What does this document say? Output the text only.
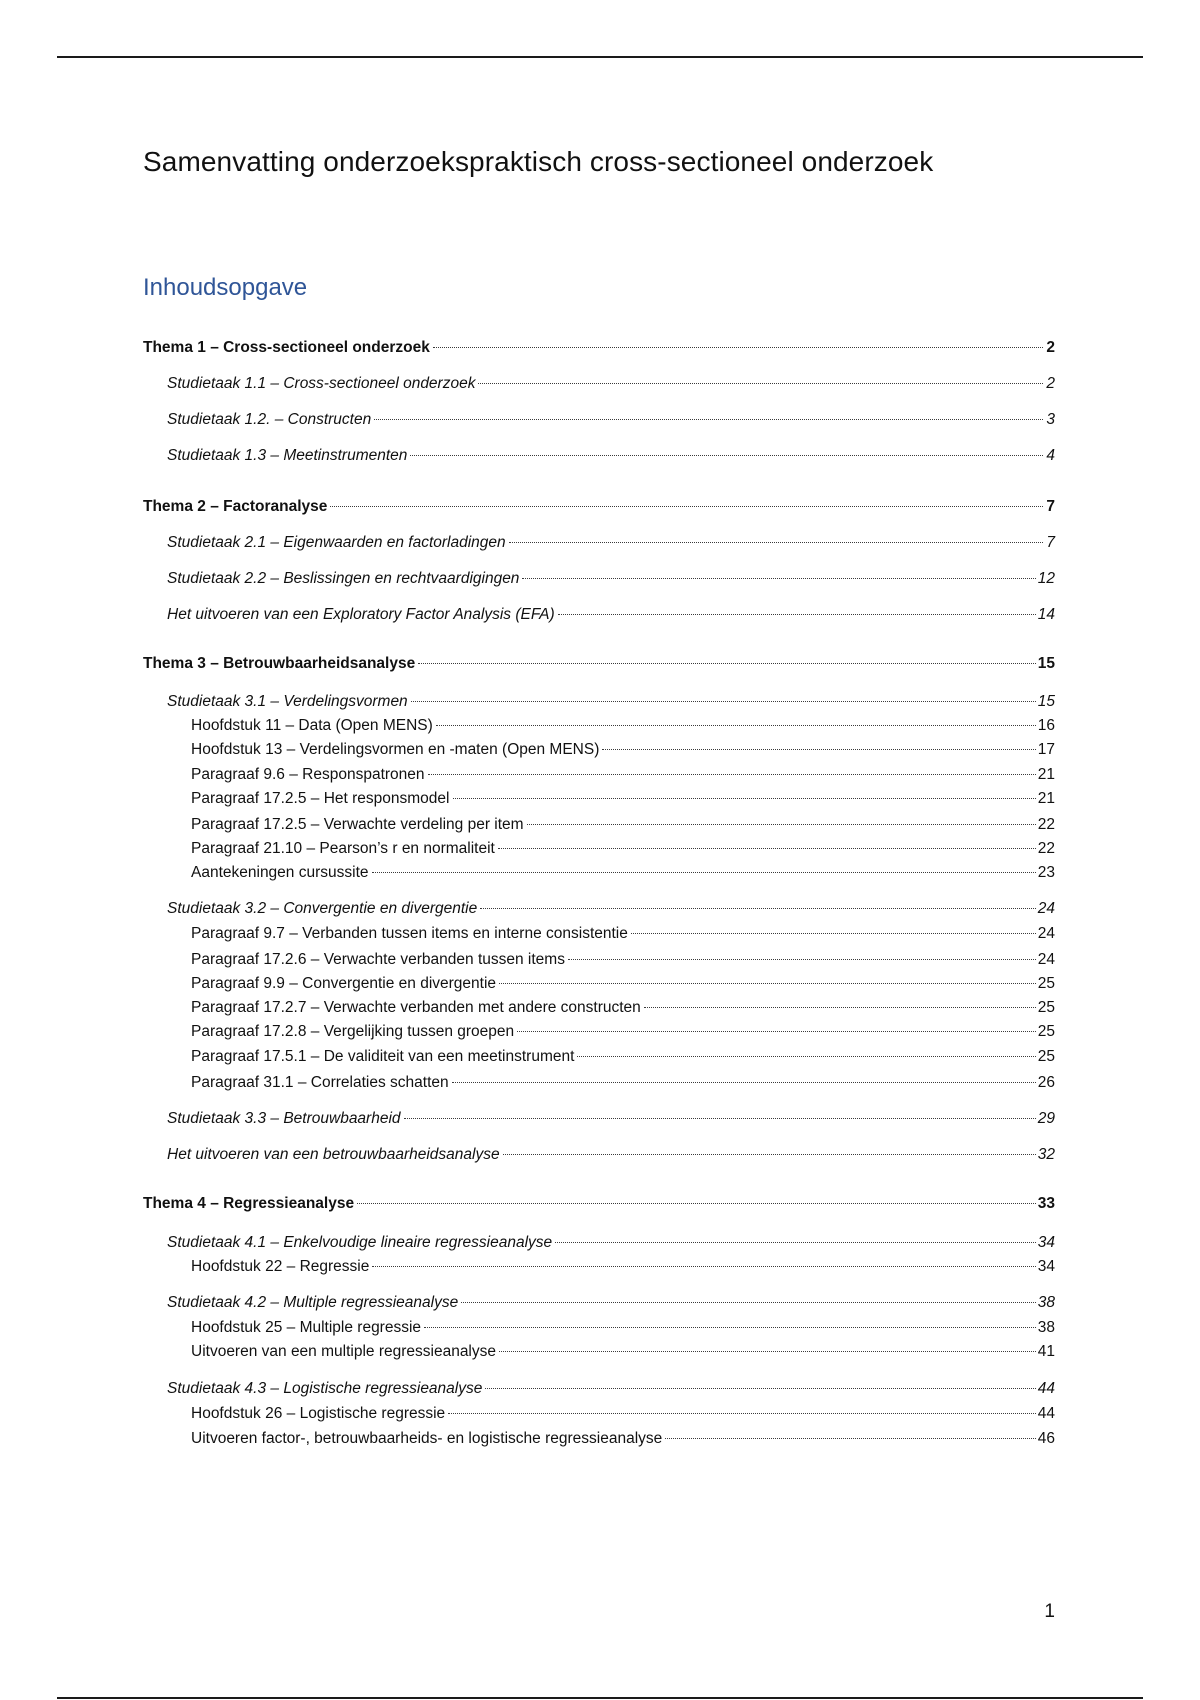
Samenvatting onderzoekspraktisch cross-sectioneel onderzoek
Inhoudsopgave
Thema 1 – Cross-sectioneel onderzoek	2
Studietaak 1.1 – Cross-sectioneel onderzoek	2
Studietaak 1.2. – Constructen	3
Studietaak 1.3 – Meetinstrumenten	4
Thema 2 – Factoranalyse	7
Studietaak 2.1 – Eigenwaarden en factorladingen	7
Studietaak 2.2 – Beslissingen en rechtvaardigingen	12
Het uitvoeren van een Exploratory Factor Analysis (EFA)	14
Thema 3 – Betrouwbaarheidsanalyse	15
Studietaak 3.1 – Verdelingsvormen	15
Hoofdstuk 11 – Data (Open MENS)	16
Hoofdstuk 13 – Verdelingsvormen en -maten (Open MENS)	17
Paragraaf 9.6 – Responspatronen	21
Paragraaf 17.2.5 – Het responsmodel	21
Paragraaf 17.2.5 – Verwachte verdeling per item	22
Paragraaf 21.10 – Pearson’s r en normaliteit	22
Aantekeningen cursussite	23
Studietaak 3.2 – Convergentie en divergentie	24
Paragraaf 9.7 – Verbanden tussen items en interne consistentie	24
Paragraaf 17.2.6 – Verwachte verbanden tussen items	24
Paragraaf 9.9 – Convergentie en divergentie	25
Paragraaf 17.2.7 – Verwachte verbanden met andere constructen	25
Paragraaf 17.2.8 – Vergelijking tussen groepen	25
Paragraaf 17.5.1 – De validiteit van een meetinstrument	25
Paragraaf 31.1 – Correlaties schatten	26
Studietaak 3.3 – Betrouwbaarheid	29
Het uitvoeren van een betrouwbaarheidsanalyse	32
Thema 4 – Regressieanalyse	33
Studietaak 4.1 – Enkelvoudige lineaire regressieanalyse	34
Hoofdstuk 22 – Regressie	34
Studietaak 4.2 – Multiple regressieanalyse	38
Hoofdstuk 25 – Multiple regressie	38
Uitvoeren van een multiple regressieanalyse	41
Studietaak 4.3 – Logistische regressieanalyse	44
Hoofdstuk 26 – Logistische regressie	44
Uitvoeren factor-, betrouwbaarheids- en logistische regressieanalyse	46
1
